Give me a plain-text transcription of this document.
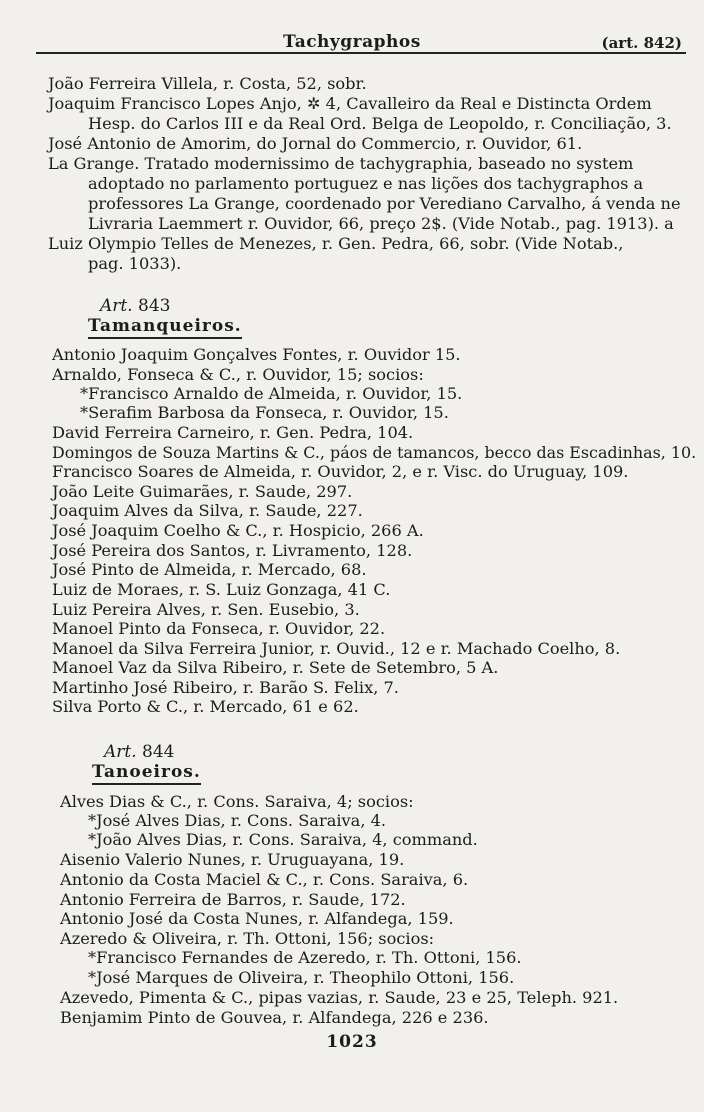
Tachygraphos	(art. 842)
João Ferreira Villela, r. Costa, 52, sobr.
Joaquim Francisco Lopes Anjo, ✲ 4, Cavalleiro da Real e Distincta Ordem
Hesp. do Carlos III e da Real Ord. Belga de Leopoldo, r. Conciliação, 3.
José Antonio de Amorim, do Jornal do Commercio, r. Ouvidor, 61.
La Grange. Tratado modernissimo de tachygraphia, baseado no system
adoptado no parlamento portuguez e nas lições dos tachygraphos a
professores La Grange, coordenado por Verediano Carvalho, á venda ne
Livraria Laemmert r. Ouvidor, 66, preço 2$. (Vide Notab., pag. 1913). a
Luiz Olympio Telles de Menezes, r. Gen. Pedra, 66, sobr. (Vide Notab.,
pag. 1033).
Art. 843
Tamanqueiros.
Antonio Joaquim Gonçalves Fontes, r. Ouvidor 15.
Arnaldo, Fonseca & C., r. Ouvidor, 15; socios:
*Francisco Arnaldo de Almeida, r. Ouvidor, 15.
*Serafim Barbosa da Fonseca, r. Ouvidor, 15.
David Ferreira Carneiro, r. Gen. Pedra, 104.
Domingos de Souza Martins & C., páos de tamancos, becco das Escadinhas, 10.
Francisco Soares de Almeida, r. Ouvidor, 2, e r. Visc. do Uruguay, 109.
João Leite Guimarães, r. Saude, 297.
Joaquim Alves da Silva, r. Saude, 227.
José Joaquim Coelho & C., r. Hospicio, 266 A.
José Pereira dos Santos, r. Livramento, 128.
José Pinto de Almeida, r. Mercado, 68.
Luiz de Moraes, r. S. Luiz Gonzaga, 41 C.
Luiz Pereira Alves, r. Sen. Eusebio, 3.
Manoel Pinto da Fonseca, r. Ouvidor, 22.
Manoel da Silva Ferreira Junior, r. Ouvid., 12 e r. Machado Coelho, 8.
Manoel Vaz da Silva Ribeiro, r. Sete de Setembro, 5 A.
Martinho José Ribeiro, r. Barão S. Felix, 7.
Silva Porto & C., r. Mercado, 61 e 62.
Art. 844
Tanoeiros.
Alves Dias & C., r. Cons. Saraiva, 4; socios:
*José Alves Dias, r. Cons. Saraiva, 4.
*João Alves Dias, r. Cons. Saraiva, 4, command.
Aisenio Valerio Nunes, r. Uruguayana, 19.
Antonio da Costa Maciel & C., r. Cons. Saraiva, 6.
Antonio Ferreira de Barros, r. Saude, 172.
Antonio José da Costa Nunes, r. Alfandega, 159.
Azeredo & Oliveira, r. Th. Ottoni, 156; socios:
*Francisco Fernandes de Azeredo, r. Th. Ottoni, 156.
*José Marques de Oliveira, r. Theophilo Ottoni, 156.
Azevedo, Pimenta & C., pipas vazias, r. Saude, 23 e 25, Teleph. 921.
Benjamim Pinto de Gouvea, r. Alfandega, 226 e 236.
1023
